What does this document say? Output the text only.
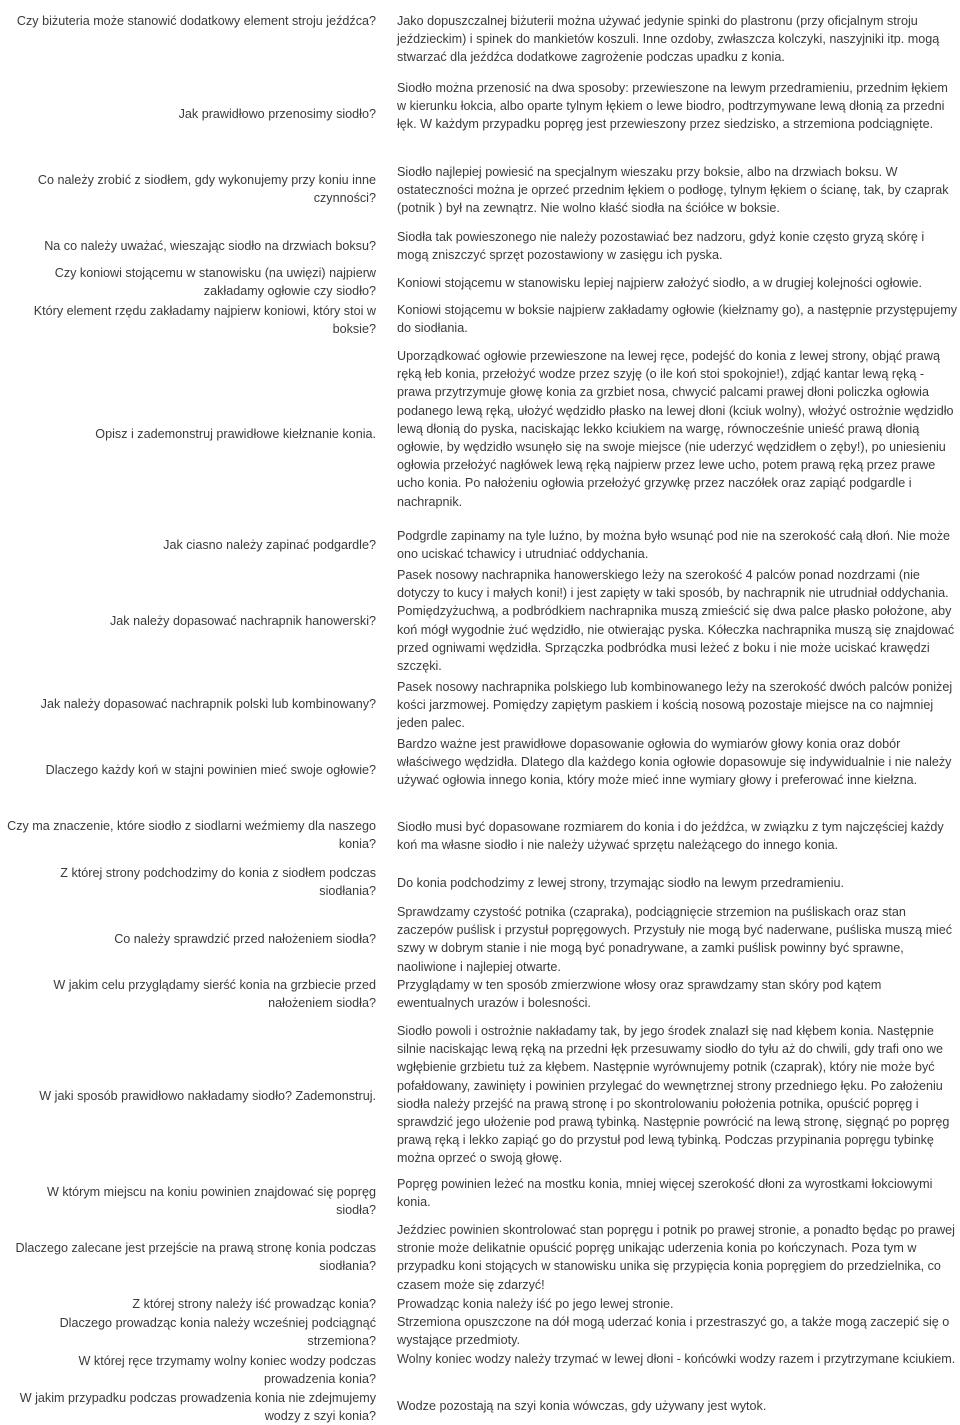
Czy biżuteria może stanowić dodatkowy element stroju jeźdźca? Jako dopuszczalnej biżuterii można używać jedynie spinki do plastronu (przy oficjalnym stroju jeździeckim) i spinek do mankietów koszuli. Inne ozdoby, zwłaszcza kolczyki, naszyjniki itp. mogą stwarzać dla jeźdźca dodatkowe zagrożenie podczas upadku z konia.

Jak prawidłowo przenosimy siodło?

Siodło można przenosić na dwa sposoby: przewieszone na lewym przedramieniu, przednim łękiem w kierunku łokcia, albo oparte tylnym łękiem o lewe biodro, podtrzymywane lewą dłonią za przedni łęk. W każdym przypadku popręg jest przewieszony przez siedzisko, a strzemiona podciągnięte.

Co należy zrobić z siodłem, gdy wykonujemy przy koniu inne czynności?

Siodło najlepiej powiesić na specjalnym wieszaku przy boksie, albo na drzwiach boksu. W ostateczności można je oprzeć przednim łękiem o podłogę, tylnym łękiem o ścianę, tak, by czaprak (potnik ) był na zewnątrz. Nie wolno kłaść siodła na ściółce w boksie.

Na co należy uważać, wieszając siodło na drzwiach boksu?

Siodła tak powieszonego nie należy pozostawiać bez nadzoru, gdyż konie często gryzą skórę i mogą zniszczyć sprzęt pozostawiony w zasięgu ich pyska.

Czy koniowi stojącemu w stanowisku (na uwięzi) najpierw zakładamy ogłowie czy siodło?

Koniowi stojącemu w stanowisku lepiej najpierw założyć siodło, a w drugiej kolejności ogłowie.

Który element rzędu zakładamy najpierw koniowi, który stoi w boksie?

Koniowi stojącemu w boksie najpierw zakładamy ogłowie (kiełznamy go), a następnie przystępujemy do siodłania.

Opisz i zademonstruj prawidłowe kiełznanie konia.

Uporządkować ogłowie przewieszone na lewej ręce, podejść do konia z lewej strony, objąć prawą ręką łeb konia, przełożyć wodze przez szyję (o ile koń stoi spokojnie!), zdjąć kantar lewą ręką - prawa przytrzymuje głowę konia za grzbiet nosa, chwycić palcami prawej dłoni policzka ogłowia podanego lewą ręką, ułożyć wędzidło płasko na lewej dłoni (kciuk wolny), włożyć ostrożnie wędzidło lewą dłonią do pyska, naciskając lekko kciukiem na wargę, równocześnie unieść prawą dłonią ogłowie, by wędzidło wsunęło się na swoje miejsce (nie uderzyć wędzidłem o zęby!), po uniesieniu ogłowia przełożyć nagłówek lewą ręką najpierw przez lewe ucho, potem prawą ręką przez prawe ucho konia. Po nałożeniu ogłowia przełożyć grzywkę przez naczółek oraz zapiąć podgardle i nachrapnik.

Jak ciasno należy zapinać podgardle?

Podgrdle zapinamy na tyle luźno, by można było wsunąć pod nie na szerokość całą dłoń. Nie może ono uciskać tchawicy i utrudniać oddychania.

Jak należy dopasować nachrapnik hanowerski?

Pasek nosowy nachrapnika hanowerskiego leży na szerokość 4 palców ponad nozdrzami (nie dotyczy to kucy i małych koni!) i jest zapięty w taki sposób, by nachrapnik nie utrudniał oddychania. Pomiędzyżuchwą, a podbródkiem nachrapnika muszą zmieścić się dwa palce płasko położone, aby koń mógł wygodnie żuć wędzidło, nie otwierając pyska. Kółeczka nachrapnika muszą się znajdować przed ogniwami wędzidła. Sprzączka podbródka musi leżeć z boku i nie może uciskać krawędzi szczęki.

Jak należy dopasować nachrapnik polski lub kombinowany?

Pasek nosowy nachrapnika polskiego lub kombinowanego leży na szerokość dwóch palców poniżej kości jarzmowej. Pomiędzy zapiętym paskiem i kością nosową pozostaje miejsce na co najmniej jeden palec.

Dlaczego każdy koń w stajni powinien mieć swoje ogłowie?

Bardzo ważne jest prawidłowe dopasowanie ogłowia do wymiarów głowy konia oraz dobór właściwego wędzidła. Dlatego dla każdego konia ogłowie dopasowuje się indywidualnie i nie należy używać ogłowia innego konia, który może mieć inne wymiary głowy i preferować inne kiełzna.

Czy ma znaczenie, które siodło z siodlarni weźmiemy dla naszego konia?

Siodło musi być dopasowane rozmiarem do konia i do jeźdźca, w związku z tym najczęściej każdy koń ma własne siodło i nie należy używać sprzętu należącego do innego konia.

Z której strony podchodzimy do konia z siodłem podczas siodłania?

Do konia podchodzimy z lewej strony, trzymając siodło na lewym przedramieniu.

Co należy sprawdzić przed nałożeniem siodła?

Sprawdzamy czystość potnika (czapraka), podciągnięcie strzemion na puśliskach oraz stan zaczepów puślisk i przystuł popręgowych. Przystuły nie mogą być naderwane, puśliska muszą mieć szwy w dobrym stanie i nie mogą być ponadrywane, a zamki puślisk powinny być sprawne, naoliwione i najlepiej otwarte.

W jakim celu przyglądamy sierść konia na grzbiecie przed nałożeniem siodła?

Przyglądamy w ten sposób zmierzwione włosy oraz sprawdzamy stan skóry pod kątem ewentualnych urazów i bolesności.

W jaki sposób prawidłowo nakładamy siodło? Zademonstruj.

Siodło powoli i ostrożnie nakładamy tak, by jego środek znalazł się nad kłębem konia. Następnie silnie naciskając lewą ręką na przedni łęk przesuwamy siodło do tyłu aż do chwili, gdy trafi ono we wgłębienie grzbietu tuż za kłębem. Następnie wyrównujemy potnik (czaprak), który nie może być pofałdowany, zawinięty i powinien przylegać do wewnętrznej strony przedniego łęku. Po założeniu siodła należy przejść na prawą stronę i po skontrolowaniu położenia potnika, opuścić popręg i sprawdzić jego ułożenie pod prawą tybinką. Następnie powrócić na lewą stronę, sięgnąć po popręg prawą ręką i lekko zapiąć go do przystuł pod lewą tybinką. Podczas przypinania popręgu tybinkę można oprzeć o swoją głowę.

W którym miejscu na koniu powinien znajdować się popręg siodła?

Popręg powinien leżeć na mostku konia, mniej więcej szerokość dłoni za wyrostkami łokciowymi konia.

Dlaczego zalecane jest przejście na prawą stronę konia podczas siodłania?

Jeździec powinien skontrolować stan popręgu i potnik po prawej stronie, a ponadto będąc po prawej stronie może delikatnie opuścić popręg unikając uderzenia konia po kończynach. Poza tym w przypadku koni stojących w stanowisku unika się przypięcia konia popręgiem do przedzielnika, co czasem może się zdarzyć!

Z której strony należy iść prowadząc konia? Prowadząc konia należy iść po jego lewej stronie.

Dlaczego prowadząc konia należy wcześniej podciągnąć strzemiona?

Strzemiona opuszczone na dół mogą uderzać konia i przestraszyć go, a także mogą zaczepić się o wystające przedmioty.

W której ręce trzymamy wolny koniec wodzy podczas prowadzenia konia?

Wolny koniec wodzy należy trzymać w lewej dłoni - końcówki wodzy razem i przytrzymane kciukiem.

W jakim przypadku podczas prowadzenia konia nie zdejmujemy wodzy z szyi konia?

Wodze pozostają na szyi konia wówczas, gdy używany jest wytok.
